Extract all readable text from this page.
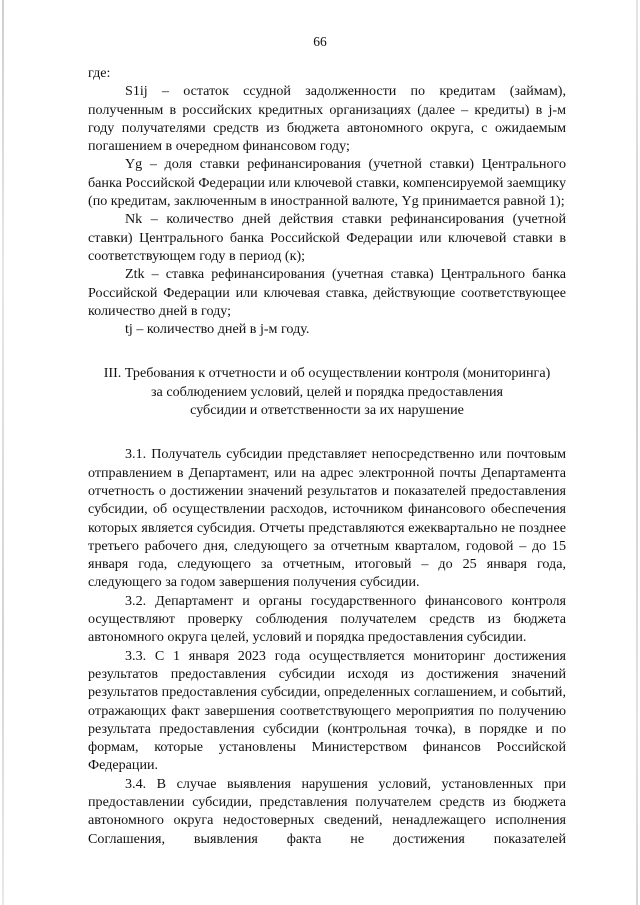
66

где:

S1ij – остаток ссудной задолженности по кредитам (займам), полученным в российских кредитных организациях (далее – кредиты) в j-м году получателями средств из бюджета автономного округа, с ожидаемым погашением в очередном финансовом году;

Yg – доля ставки рефинансирования (учетной ставки) Центрального банка Российской Федерации или ключевой ставки, компенсируемой заемщику (по кредитам, заключенным в иностранной валюте, Yg принимается равной 1);

Nk – количество дней действия ставки рефинансирования (учетной ставки) Центрального банка Российской Федерации или ключевой ставки в соответствующем году в период (к);

Ztk – ставка рефинансирования (учетная ставка) Центрального банка Российской Федерации или ключевая ставка, действующие соответствующее количество дней в году;

tj – количество дней в j-м году.

III. Требования к отчетности и об осуществлении контроля (мониторинга)
за соблюдением условий, целей и порядка предоставления
субсидии и ответственности за их нарушение

3.1. Получатель субсидии представляет непосредственно или почтовым отправлением в Департамент, или на адрес электронной почты Департамента отчетность о достижении значений результатов и показателей предоставления субсидии, об осуществлении расходов, источником финансового обеспечения которых является субсидия. Отчеты представляются ежеквартально не позднее третьего рабочего дня, следующего за отчетным кварталом, годовой – до 15 января года, следующего за отчетным, итоговый – до 25 января года, следующего за годом завершения получения субсидии.

3.2. Департамент и органы государственного финансового контроля осуществляют проверку соблюдения получателем средств из бюджета автономного округа целей, условий и порядка предоставления субсидии.

3.3. С 1 января 2023 года осуществляется мониторинг достижения результатов предоставления субсидии исходя из достижения значений результатов предоставления субсидии, определенных соглашением, и событий, отражающих факт завершения соответствующего мероприятия по получению результата предоставления субсидии (контрольная точка), в порядке и по формам, которые установлены Министерством финансов Российской Федерации.

3.4. В случае выявления нарушения условий, установленных при предоставлении субсидии, представления получателем средств из бюджета автономного округа недостоверных сведений, ненадлежащего исполнения Соглашения, выявления факта не достижения показателей
